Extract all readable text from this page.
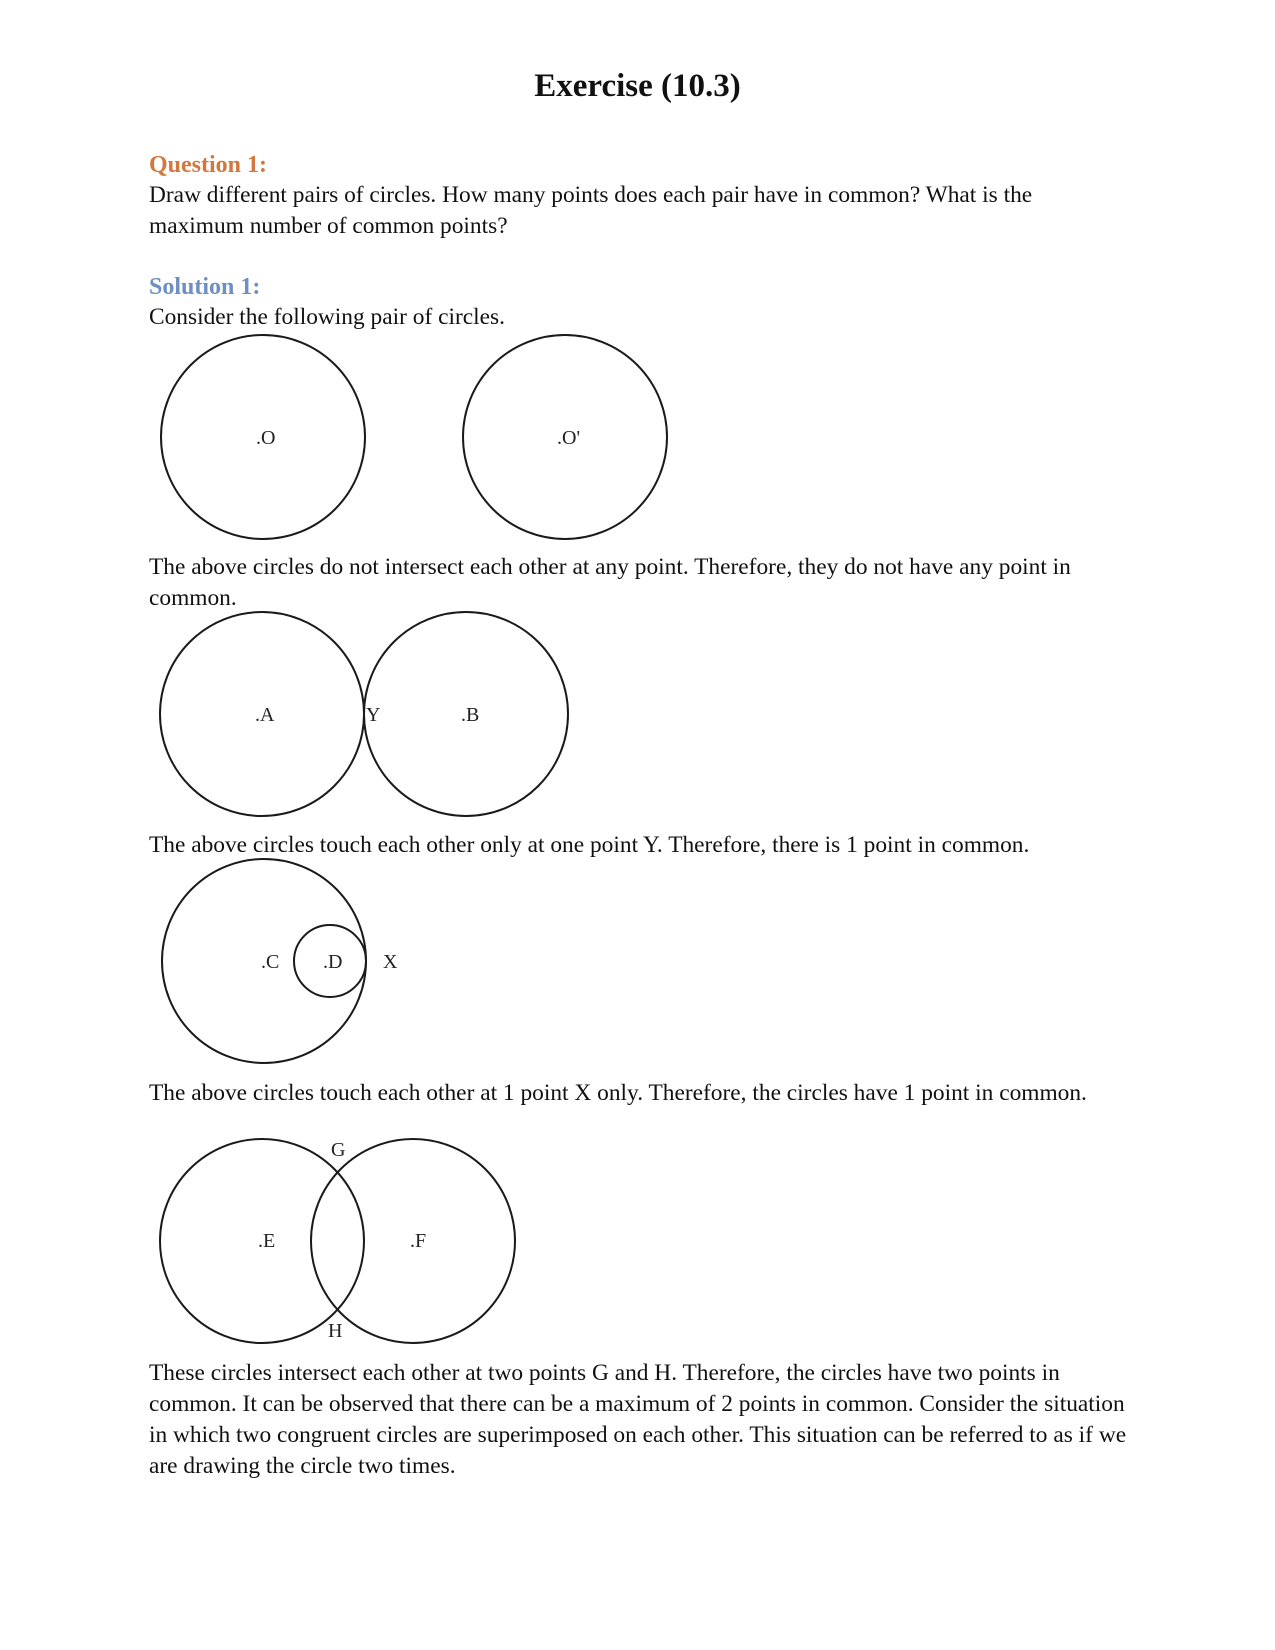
Exercise (10.3)
Question 1:

Draw different pairs of circles. How many points does each pair have in common? What is the maximum number of common points?

Solution 1:

Consider the following pair of circles.

.O	.O'

The above circles do not intersect each other at any point. Therefore, they do not have any point in common.

.A	Y	.B

The above circles touch each other only at one point Y. Therefore, there is 1 point in common.

.C .D X

The above circles touch each other at 1 point X only. Therefore, the circles have 1 point in common.

G
.E	.F
H

These circles intersect each other at two points G and H. Therefore, the circles have two points in common. It can be observed that there can be a maximum of 2 points in common. Consider the situation in which two congruent circles are superimposed on each other. This situation can be referred to as if we are drawing the circle two times.
